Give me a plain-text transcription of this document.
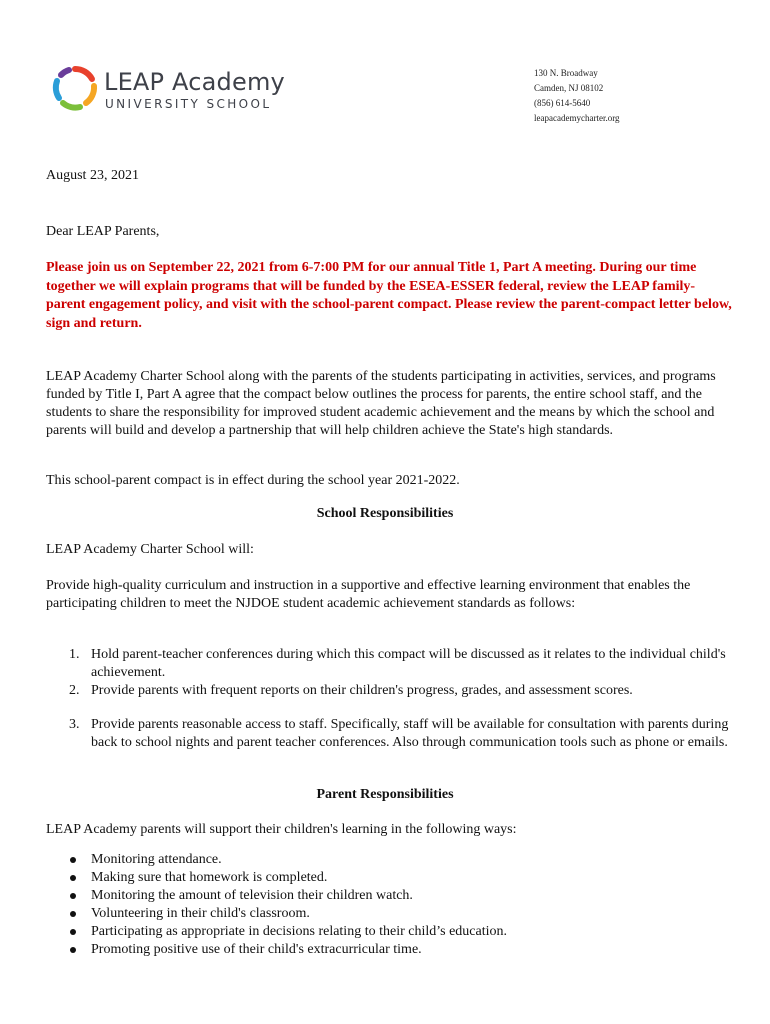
LEAP Academy
UNIVERSITY SCHOOL
130 N. Broadway
Camden, NJ 08102
(856) 614-5640
leapacademycharter.org
August 23, 2021
Dear LEAP Parents,

Please join us on September 22, 2021 from 6-7:00 PM for our annual Title 1, Part A meeting. During our time together we will explain programs that will be funded by the ESEA-ESSER federal, review the LEAP family-parent engagement policy, and visit with the school-parent compact. Please review the parent-compact letter below, sign and return.

LEAP Academy Charter School along with the parents of the students participating in activities, services, and programs funded by Title I, Part A agree that the compact below outlines the process for parents, the entire school staff, and the students to share the responsibility for improved student academic achievement and the means by which the school and parents will build and develop a partnership that will help children achieve the State's high standards.

This school-parent compact is in effect during the school year 2021-2022.

School Responsibilities

LEAP Academy Charter School will:

Provide high-quality curriculum and instruction in a supportive and effective learning environment that enables the participating children to meet the NJDOE student academic achievement standards as follows:

1. Hold parent-teacher conferences during which this compact will be discussed as it relates to the individual child's achievement.
2. Provide parents with frequent reports on their children's progress, grades, and assessment scores.
3. Provide parents reasonable access to staff. Specifically, staff will be available for consultation with parents during back to school nights and parent teacher conferences. Also through communication tools such as phone or emails.

Parent Responsibilities

LEAP Academy parents will support their children's learning in the following ways:

Monitoring attendance.
Making sure that homework is completed.
Monitoring the amount of television their children watch.
Volunteering in their child's classroom.
Participating as appropriate in decisions relating to their child’s education.
Promoting positive use of their child's extracurricular time.
